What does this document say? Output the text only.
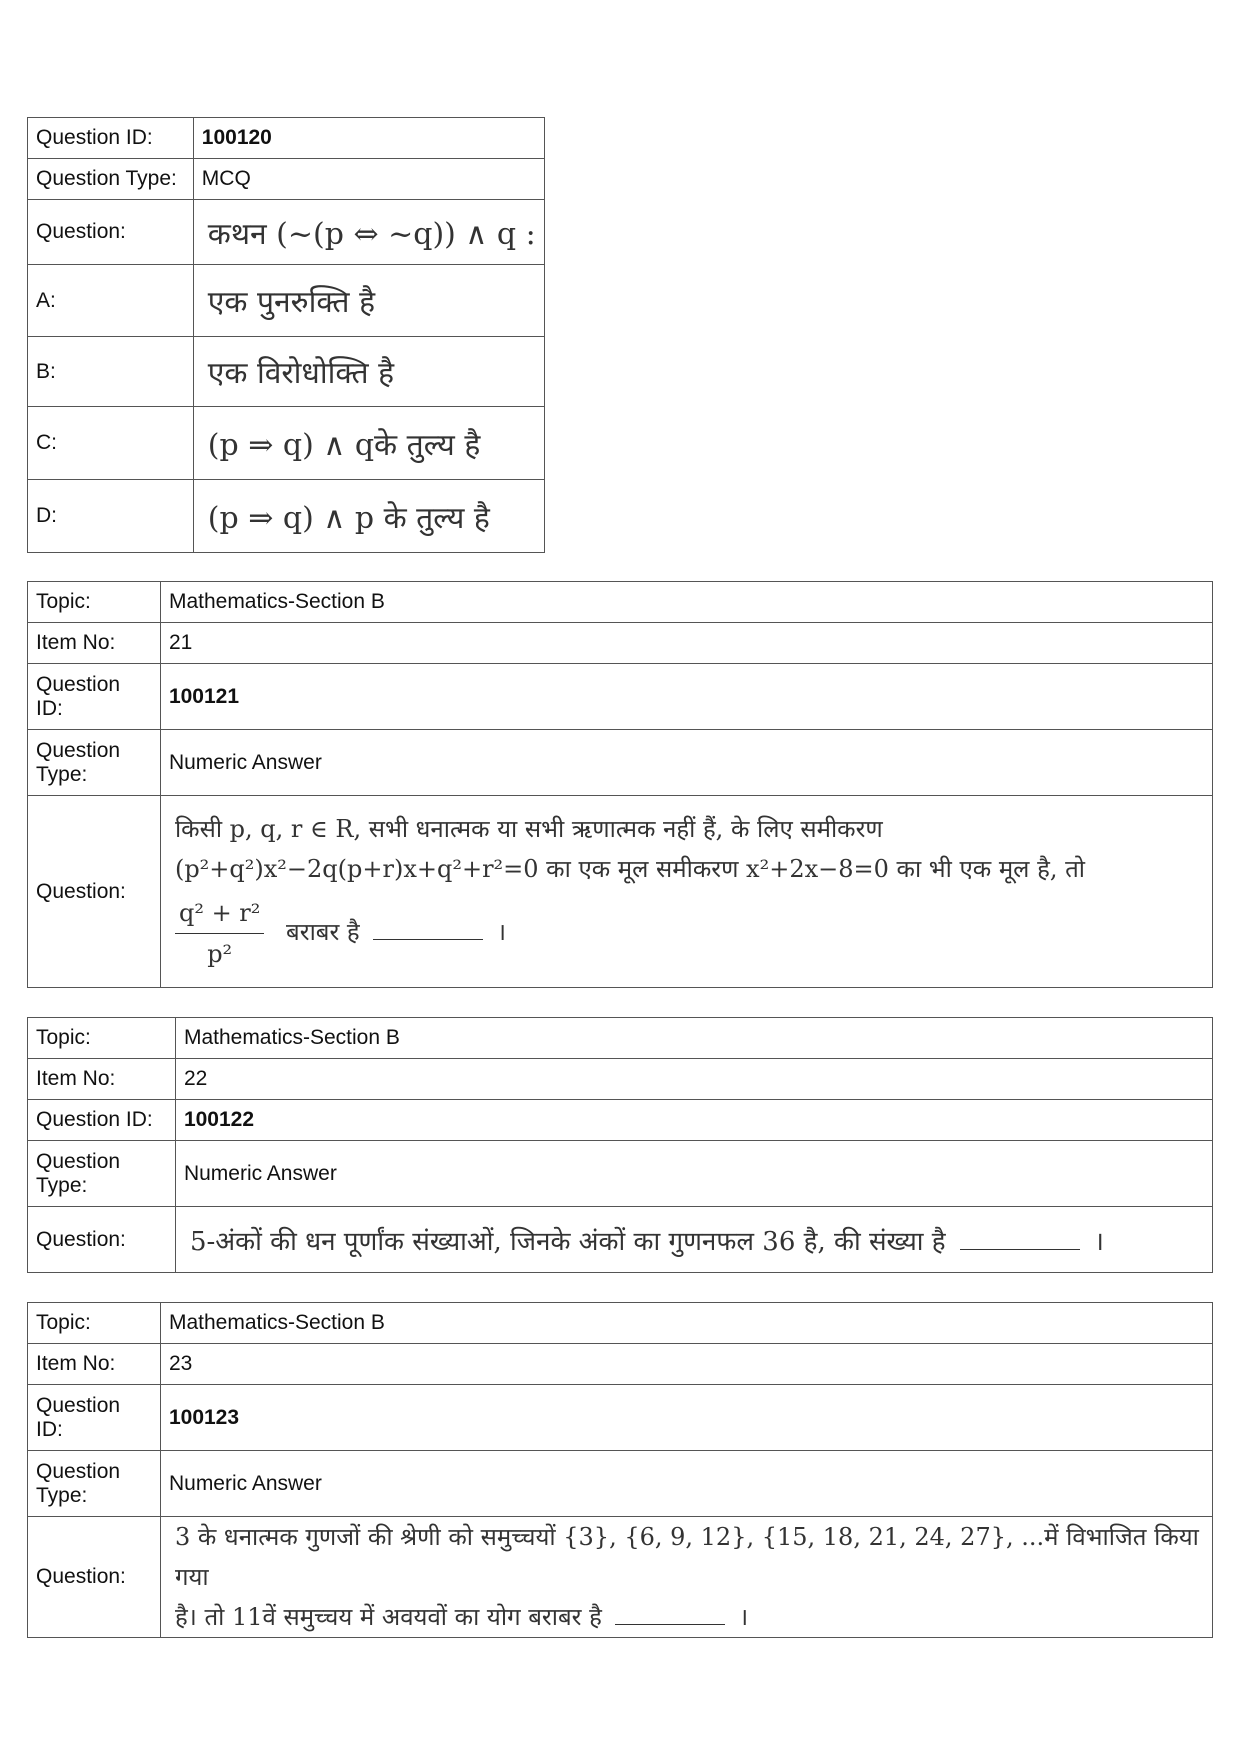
Question ID:	100120
Question Type:	MCQ
Question:	कथन (~(p ⇔ ~q)) ∧ q :
A:	एक पुनरुक्ति है
B:	एक विरोधोक्ति है
C:	(p ⇒ q) ∧ qके तुल्य है
D:	(p ⇒ q) ∧ p के तुल्य है
Topic:	Mathematics-Section B
Item No:	21
Question ID:	100121
Question Type:	Numeric Answer
Question:	किसी p, q, r ∈ R, सभी धनात्मक या सभी ऋणात्मक नहीं हैं, के लिए समीकरण
(p²+q²)x²−2q(p+r)x+q²+r²=0 का एक मूल समीकरण x²+2x−8=0 का भी एक मूल है, तो
$\frac{\text{q² + r²}}{\text{p²}}$ बराबर है ।
Topic:	Mathematics-Section B
Item No:	22
Question ID:	100122
Question Type:	Numeric Answer
Question:	5-अंकों की धन पूर्णांक संख्याओं, जिनके अंकों का गुणनफल 36 है, की संख्या है ।
Topic:	Mathematics-Section B
Item No:	23
Question ID:	100123
Question Type:	Numeric Answer
Question:	3 के धनात्मक गुणजों की श्रेणी को समुच्चयों {3}, {6, 9, 12}, {15, 18, 21, 24, 27}, ...में विभाजित किया गया
है। तो 11वें समुच्चय में अवयवों का योग बराबर है ।
